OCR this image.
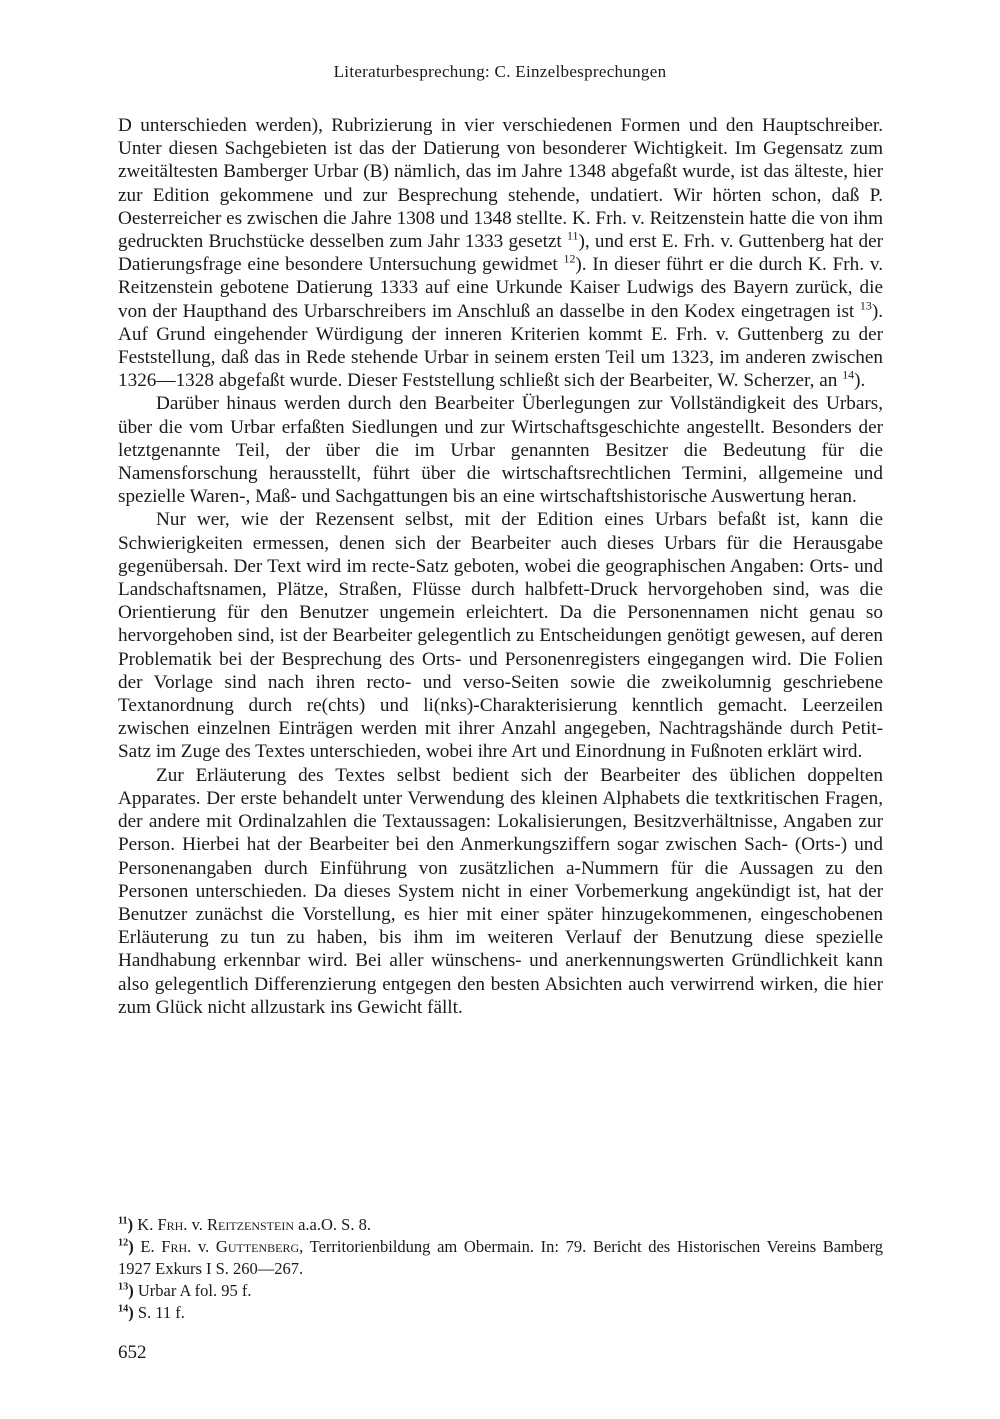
Literaturbesprechung: C. Einzelbesprechungen

D unterschieden werden), Rubrizierung in vier verschiedenen Formen und den Hauptschreiber. Unter diesen Sachgebieten ist das der Datierung von besonderer Wichtigkeit. Im Gegensatz zum zweitältesten Bamberger Urbar (B) nämlich, das im Jahre 1348 abgefaßt wurde, ist das älteste, hier zur Edition gekommene und zur Besprechung stehende, undatiert. Wir hörten schon, daß P. Oesterreicher es zwischen die Jahre 1308 und 1348 stellte. K. Frh. v. Reitzenstein hatte die von ihm gedruckten Bruchstücke desselben zum Jahr 1333 gesetzt $^{11}$), und erst E. Frh. v. Guttenberg hat der Datierungsfrage eine besondere Untersuchung gewidmet $^{12}$). In dieser führt er die durch K. Frh. v. Reitzenstein gebotene Datierung 1333 auf eine Urkunde Kaiser Ludwigs des Bayern zurück, die von der Haupthand des Urbarschreibers im Anschluß an dasselbe in den Kodex eingetragen ist $^{13}$). Auf Grund eingehender Würdigung der inneren Kriterien kommt E. Frh. v. Guttenberg zu der Feststellung, daß das in Rede stehende Urbar in seinem ersten Teil um 1323, im anderen zwischen 1326—1328 abgefaßt wurde. Dieser Feststellung schließt sich der Bearbeiter, W. Scherzer, an $^{14}$).

Darüber hinaus werden durch den Bearbeiter Überlegungen zur Vollständigkeit des Urbars, über die vom Urbar erfaßten Siedlungen und zur Wirtschaftsgeschichte angestellt. Besonders der letztgenannte Teil, der über die im Urbar genannten Besitzer die Bedeutung für die Namensforschung herausstellt, führt über die wirtschaftsrechtlichen Termini, allgemeine und spezielle Waren-, Maß- und Sachgattungen bis an eine wirtschaftshistorische Auswertung heran.

Nur wer, wie der Rezensent selbst, mit der Edition eines Urbars befaßt ist, kann die Schwierigkeiten ermessen, denen sich der Bearbeiter auch dieses Urbars für die Herausgabe gegenübersah. Der Text wird im recte-Satz geboten, wobei die geographischen Angaben: Orts- und Landschaftsnamen, Plätze, Straßen, Flüsse durch halbfett-Druck hervorgehoben sind, was die Orientierung für den Benutzer ungemein erleichtert. Da die Personennamen nicht genau so hervorgehoben sind, ist der Bearbeiter gelegentlich zu Entscheidungen genötigt gewesen, auf deren Problematik bei der Besprechung des Orts- und Personenregisters eingegangen wird. Die Folien der Vorlage sind nach ihren recto- und verso-Seiten sowie die zweikolumnig geschriebene Textanordnung durch re(chts) und li(nks)-Charakterisierung kenntlich gemacht. Leerzeilen zwischen einzelnen Einträgen werden mit ihrer Anzahl angegeben, Nachtragshände durch Petit-Satz im Zuge des Textes unterschieden, wobei ihre Art und Einordnung in Fußnoten erklärt wird.

Zur Erläuterung des Textes selbst bedient sich der Bearbeiter des üblichen doppelten Apparates. Der erste behandelt unter Verwendung des kleinen Alphabets die textkritischen Fragen, der andere mit Ordinalzahlen die Textaussagen: Lokalisierungen, Besitzverhältnisse, Angaben zur Person. Hierbei hat der Bearbeiter bei den Anmerkungsziffern sogar zwischen Sach- (Orts-) und Personenangaben durch Einführung von zusätzlichen a-Nummern für die Aussagen zu den Personen unterschieden. Da dieses System nicht in einer Vorbemerkung angekündigt ist, hat der Benutzer zunächst die Vorstellung, es hier mit einer später hinzugekommenen, eingeschobenen Erläuterung zu tun zu haben, bis ihm im weiteren Verlauf der Benutzung diese spezielle Handhabung erkennbar wird. Bei aller wünschens- und anerkennungswerten Gründlichkeit kann also gelegentlich Differenzierung entgegen den besten Absichten auch verwirrend wirken, die hier zum Glück nicht allzustark ins Gewicht fällt.

$^{11}$) K. Frh. v. Reitzenstein a.a.O. S. 8.

$^{12}$) E. Frh. v. Guttenberg, Territorienbildung am Obermain. In: 79. Bericht des Historischen Vereins Bamberg 1927 Exkurs I S. 260—267.

$^{13}$) Urbar A fol. 95 f.

$^{14}$) S. 11 f.

652
